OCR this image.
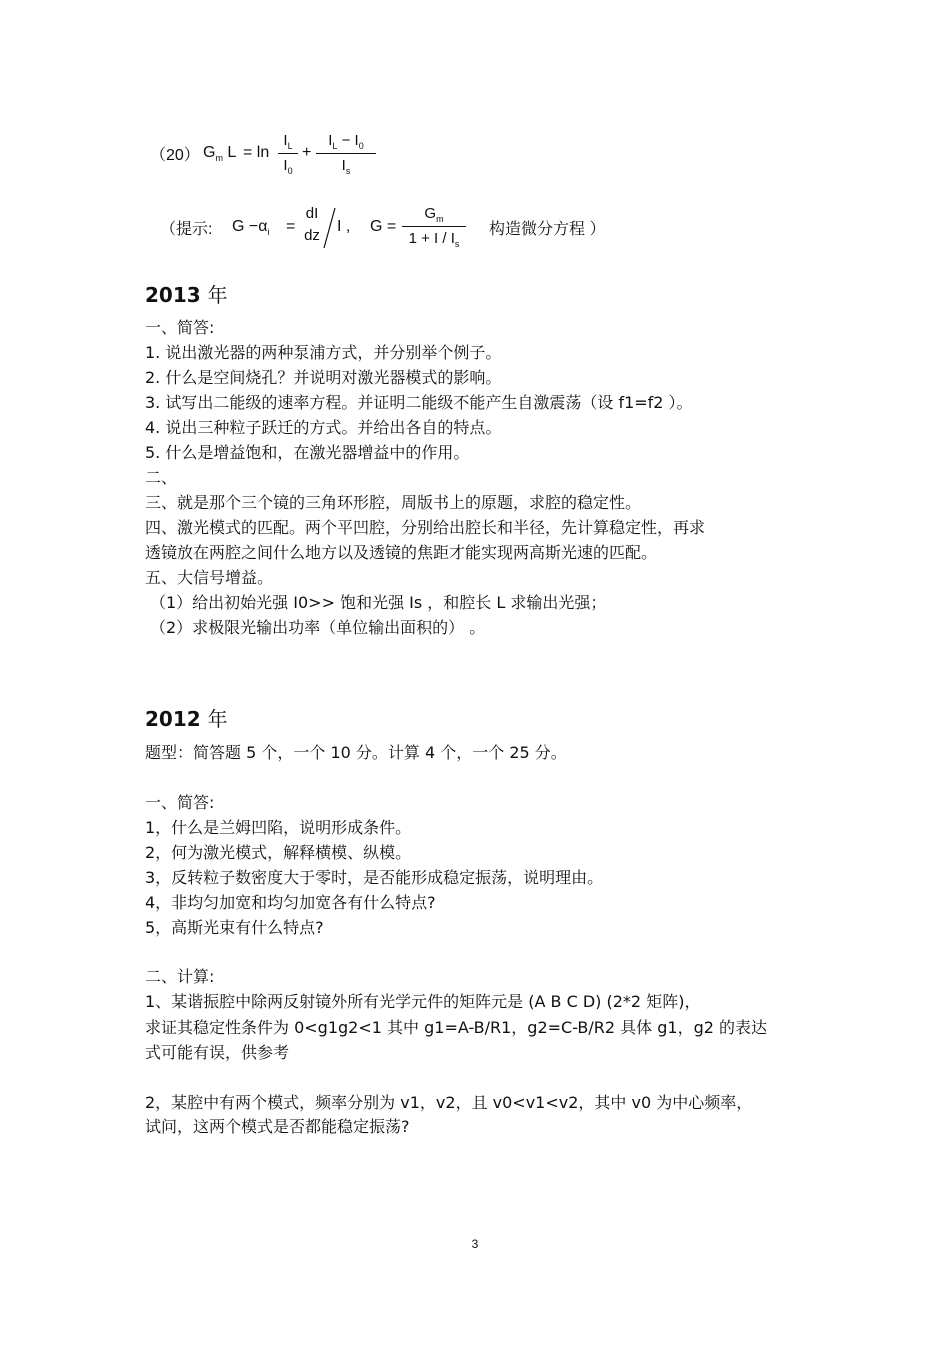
（20） $G_m$ $L = \ln \frac{I_L}{I_0} + \frac{I_L - I_0}{I_s}$
（提示: $G -\alpha_i$ =
dI
dz
I , $G = \frac{G_m}{1 + I / I_s}$ 构造微分方程 ）
2013 年
一、简答:
1. 说出激光器的两种泵浦方式，并分别举个例子。
2. 什么是空间烧孔？并说明对激光器模式的影响。
3. 试写出二能级的速率方程。并证明二能级不能产生自激震荡（设 f1=f2 ）。
4. 说出三种粒子跃迁的方式。并给出各自的特点。
5. 什么是增益饱和，在激光器增益中的作用。
二、
三、就是那个三个镜的三角环形腔，周版书上的原题，求腔的稳定性。
四、激光模式的匹配。两个平凹腔，分别给出腔长和半径，先计算稳定性，再求
透镜放在两腔之间什么地方以及透镜的焦距才能实现两高斯光速的匹配。
五、大信号增益。
（1）给出初始光强 I0>> 饱和光强 Is ，和腔长 L 求输出光强；
（2）求极限光输出功率（单位输出面积的） 。
2012 年
题型：简答题 5 个，一个 10 分。计算 4 个，一个 25 分。
一、简答:
1，什么是兰姆凹陷，说明形成条件。
2，何为激光模式，解释横模、纵模。
3，反转粒子数密度大于零时，是否能形成稳定振荡，说明理由。
4，非均匀加宽和均匀加宽各有什么特点?
5，高斯光束有什么特点?
二、计算:
1、某谐振腔中除两反射镜外所有光学元件的矩阵元是 (A B C D) (2*2 矩阵)，
求证其稳定性条件为 0<g1g2<1 其中 g1=A-B/R1，g2=C-B/R2 具体 g1，g2 的表达
式可能有误，供参考
2，某腔中有两个模式，频率分别为 v1，v2，且 v0<v1<v2，其中 v0 为中心频率，
试问，这两个模式是否都能稳定振荡?
3
